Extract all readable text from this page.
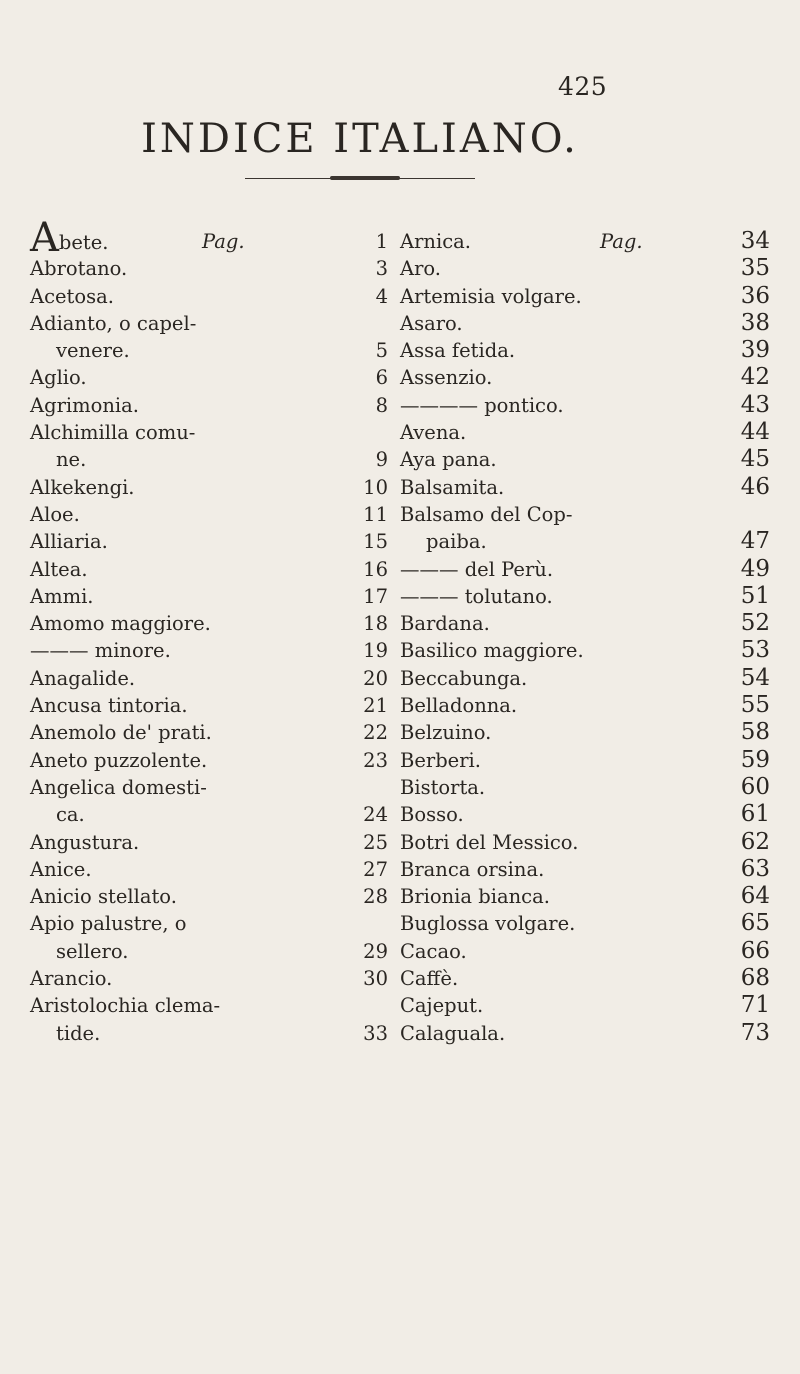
425
INDICE ITALIANO.
Abete.	Pag.	1
Abrotano.	3
Acetosa.	4
Adianto, o capel-
venere.	5
Aglio.	6
Agrimonia.	8
Alchimilla comu-
ne.	9
Alkekengi.	10
Aloe.	11
Alliaria.	15
Altea.	16
Ammi.	17
Amomo maggiore.	18
——— minore.	19
Anagalide.	20
Ancusa tintoria.	21
Anemolo de' prati.	22
Aneto puzzolente.	23
Angelica domesti-
ca.	24
Angustura.	25
Anice.	27
Anicio stellato.	28
Apio palustre, o
sellero.	29
Arancio.	30
Aristolochia clema-
tide.	33
Arnica.	Pag.	34
Aro.	35
Artemisia volgare.	36
Asaro.	38
Assa fetida.	39
Assenzio.	42
———— pontico.	43
Avena.	44
Aya pana.	45
Balsamita.	46
Balsamo del Cop-
paiba.	47
——— del Perù.	49
——— tolutano.	51
Bardana.	52
Basilico maggiore.	53
Beccabunga.	54
Belladonna.	55
Belzuino.	58
Berberi.	59
Bistorta.	60
Bosso.	61
Botri del Messico.	62
Branca orsina.	63
Brionia bianca.	64
Buglossa volgare.	65
Cacao.	66
Caffè.	68
Cajeput.	71
Calaguala.	73
